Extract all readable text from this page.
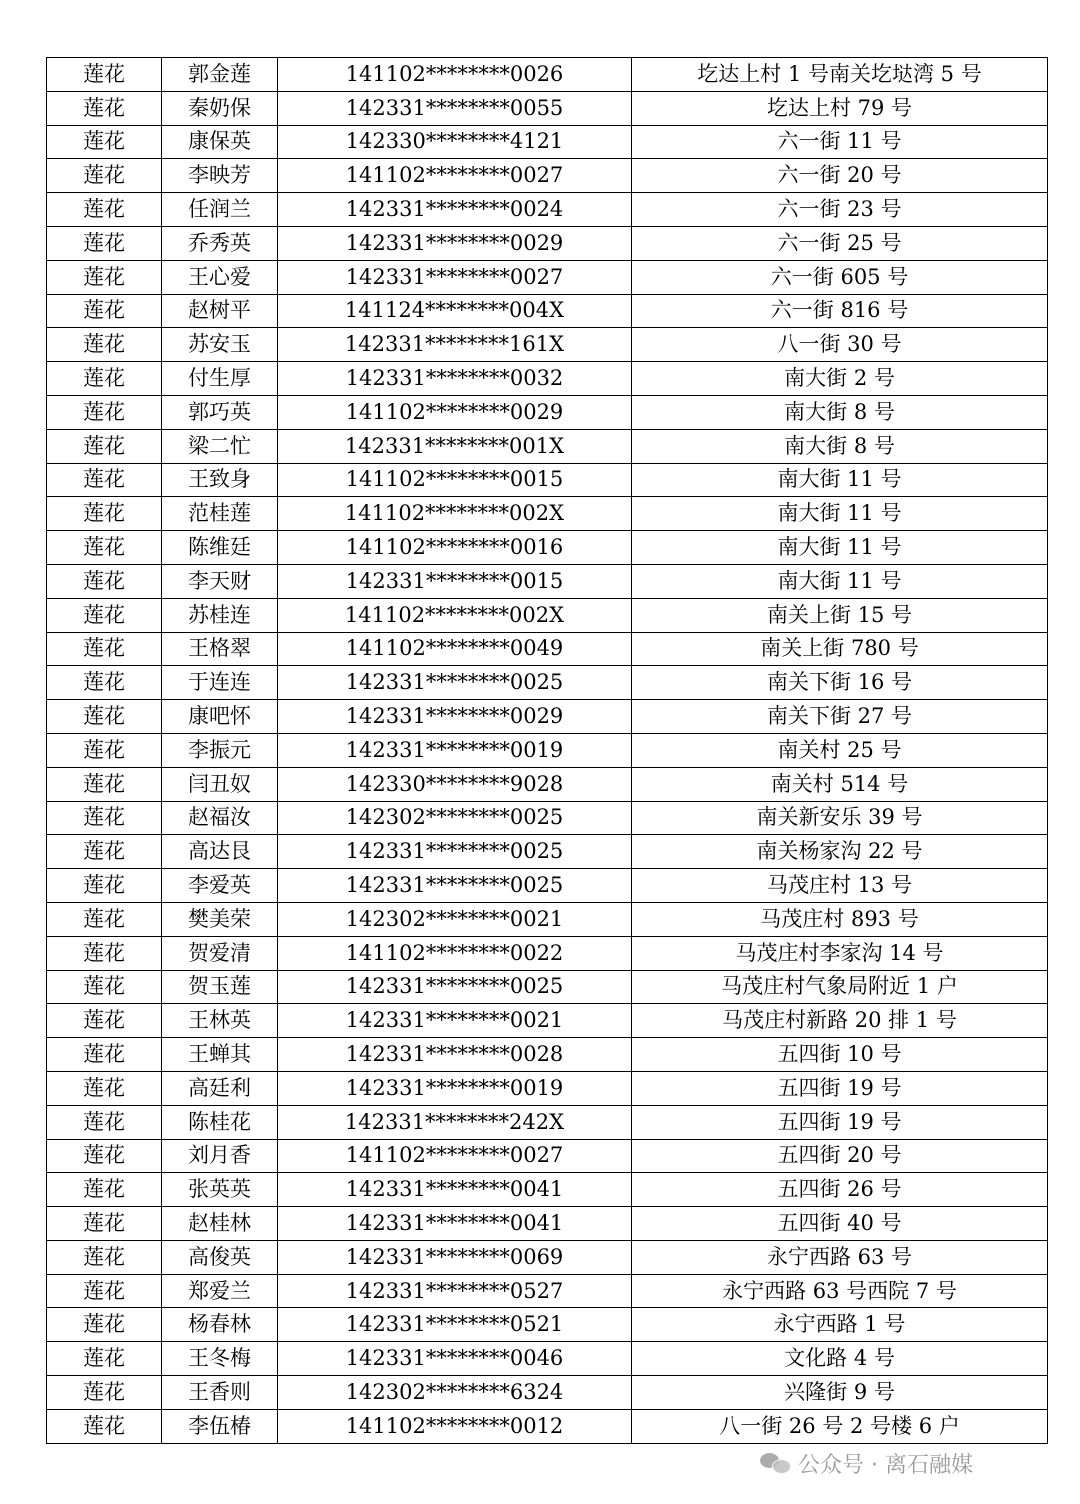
莲花	郭金莲	141102********0026	圪达上村 1 号南关圪垯湾 5 号
莲花	秦奶保	142331********0055	圪达上村 79 号
莲花	康保英	142330********4121	六一街 11 号
莲花	李映芳	141102********0027	六一街 20 号
莲花	任润兰	142331********0024	六一街 23 号
莲花	乔秀英	142331********0029	六一街 25 号
莲花	王心爱	142331********0027	六一街 605 号
莲花	赵树平	141124********004X	六一街 816 号
莲花	苏安玉	142331********161X	八一街 30 号
莲花	付生厚	142331********0032	南大街 2 号
莲花	郭巧英	141102********0029	南大街 8 号
莲花	梁二忙	142331********001X	南大街 8 号
莲花	王致身	141102********0015	南大街 11 号
莲花	范桂莲	141102********002X	南大街 11 号
莲花	陈维廷	141102********0016	南大街 11 号
莲花	李天财	142331********0015	南大街 11 号
莲花	苏桂连	141102********002X	南关上街 15 号
莲花	王格翠	141102********0049	南关上街 780 号
莲花	于连连	142331********0025	南关下街 16 号
莲花	康吧怀	142331********0029	南关下街 27 号
莲花	李振元	142331********0019	南关村 25 号
莲花	闫丑奴	142330********9028	南关村 514 号
莲花	赵福汝	142302********0025	南关新安乐 39 号
莲花	高达艮	142331********0025	南关杨家沟 22 号
莲花	李爱英	142331********0025	马茂庄村 13 号
莲花	樊美荣	142302********0021	马茂庄村 893 号
莲花	贺爱清	141102********0022	马茂庄村李家沟 14 号
莲花	贺玉莲	142331********0025	马茂庄村气象局附近 1 户
莲花	王林英	142331********0021	马茂庄村新路 20 排 1 号
莲花	王蝉其	142331********0028	五四街 10 号
莲花	高廷利	142331********0019	五四街 19 号
莲花	陈桂花	142331********242X	五四街 19 号
莲花	刘月香	141102********0027	五四街 20 号
莲花	张英英	142331********0041	五四街 26 号
莲花	赵桂林	142331********0041	五四街 40 号
莲花	高俊英	142331********0069	永宁西路 63 号
莲花	郑爱兰	142331********0527	永宁西路 63 号西院 7 号
莲花	杨春林	142331********0521	永宁西路 1 号
莲花	王冬梅	142331********0046	文化路 4 号
莲花	王香则	142302********6324	兴隆街 9 号
莲花	李伍椿	141102********0012	八一街 26 号 2 号楼 6 户
公众号 · 离石融媒
